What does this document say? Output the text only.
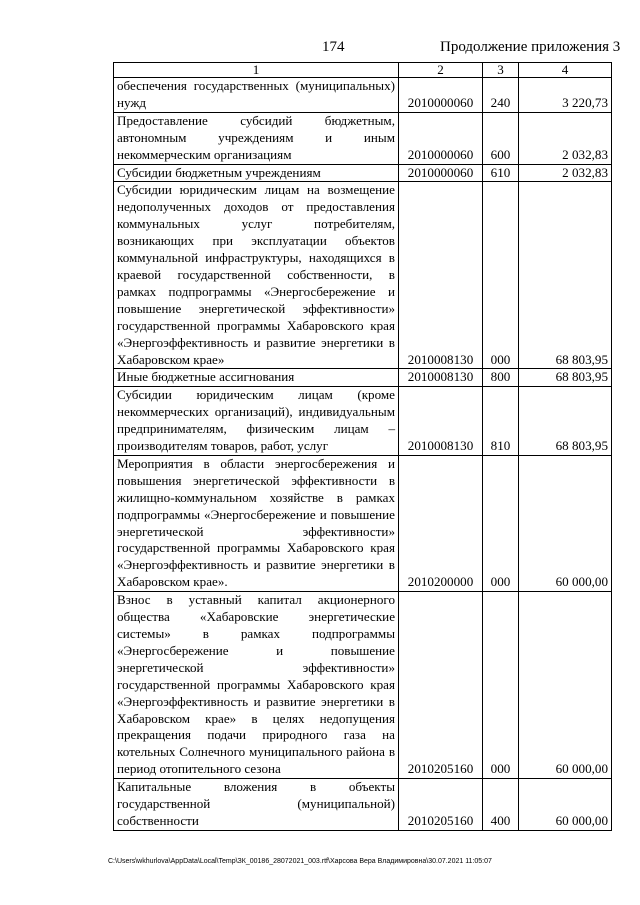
174	Продолжение приложения 3
1	2	3	4
обеспечения государственных (муниципальных) нужд	2010000060	240	3 220,73
Предоставление субсидий бюджетным, автономным учреждениям и иным некоммерческим организациям	2010000060	600	2 032,83
Субсидии бюджетным учреждениям	2010000060	610	2 032,83
Субсидии юридическим лицам на возмещение недополученных доходов от предоставления коммунальных услуг потребителям, возникающих при эксплуатации объектов коммунальной инфраструктуры, находящихся в краевой государственной собственности, в рамках подпрограммы «Энергосбережение и повышение энергетической эффективности» государственной программы Хабаровского края «Энергоэффективность и развитие энергетики в Хабаровском крае»	2010008130	000	68 803,95
Иные бюджетные ассигнования	2010008130	800	68 803,95
Субсидии юридическим лицам (кроме некоммерческих организаций), индивидуальным предпринимателям, физическим лицам – производителям товаров, работ, услуг	2010008130	810	68 803,95
Мероприятия в области энергосбережения и повышения энергетической эффективности в жилищно-коммунальном хозяйстве в рамках подпрограммы «Энергосбережение и повышение энергетической эффективности» государственной программы Хабаровского края «Энергоэффективность и развитие энергетики в Хабаровском крае».	2010200000	000	60 000,00
Взнос в уставный капитал акционерного общества «Хабаровские энергетические системы» в рамках подпрограммы «Энергосбережение и повышение энергетической эффективности» государственной программы Хабаровского края «Энергоэффективность и развитие энергетики в Хабаровском крае» в целях недопущения прекращения подачи природного газа на котельных Солнечного муниципального района в период отопительного сезона	2010205160	000	60 000,00
Капитальные вложения в объекты государственной (муниципальной) собственности	2010205160	400	60 000,00
C:\Users\wkhurlova\AppData\Local\Temp\ЗК_00186_28072021_003.rtf\Харсова Вера Владимировна\30.07.2021 11:05:07
